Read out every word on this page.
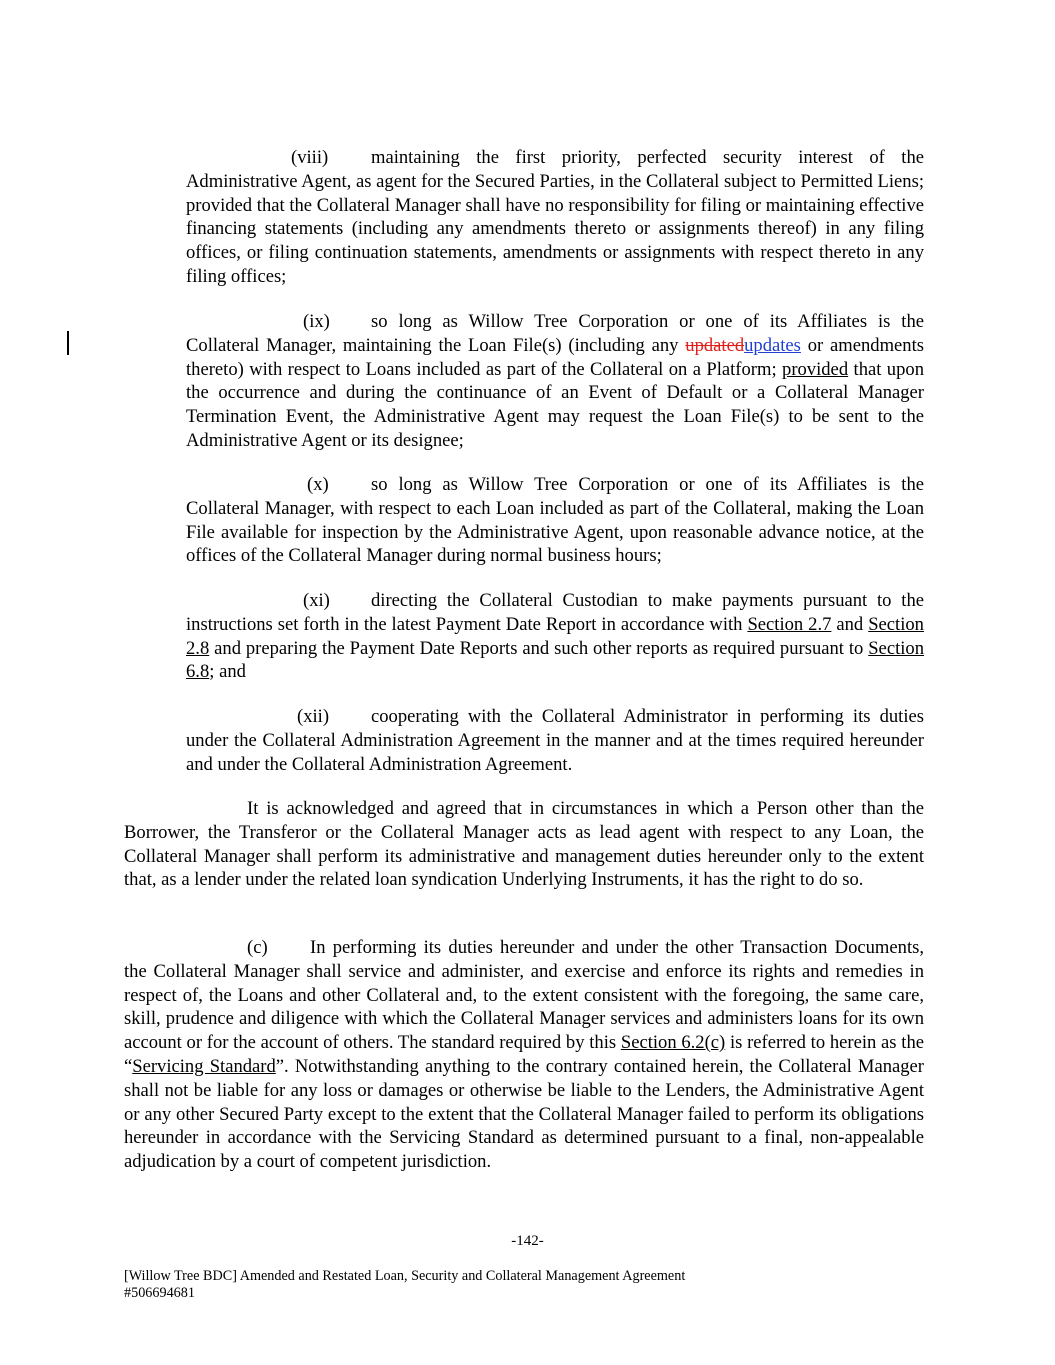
(viii) maintaining the first priority, perfected security interest of the Administrative Agent, as agent for the Secured Parties, in the Collateral subject to Permitted Liens; provided that the Collateral Manager shall have no responsibility for filing or maintaining effective financing statements (including any amendments thereto or assignments thereof) in any filing offices, or filing continuation statements, amendments or assignments with respect thereto in any filing offices;

(ix) so long as Willow Tree Corporation or one of its Affiliates is the Collateral Manager, maintaining the Loan File(s) (including any updatedupdates or amendments thereto) with respect to Loans included as part of the Collateral on a Platform; provided that upon the occurrence and during the continuance of an Event of Default or a Collateral Manager Termination Event, the Administrative Agent may request the Loan File(s) to be sent to the Administrative Agent or its designee;

(x) so long as Willow Tree Corporation or one of its Affiliates is the Collateral Manager, with respect to each Loan included as part of the Collateral, making the Loan File available for inspection by the Administrative Agent, upon reasonable advance notice, at the offices of the Collateral Manager during normal business hours;

(xi) directing the Collateral Custodian to make payments pursuant to the instructions set forth in the latest Payment Date Report in accordance with Section 2.7 and Section 2.8 and preparing the Payment Date Reports and such other reports as required pursuant to Section 6.8; and

(xii) cooperating with the Collateral Administrator in performing its duties under the Collateral Administration Agreement in the manner and at the times required hereunder and under the Collateral Administration Agreement.

It is acknowledged and agreed that in circumstances in which a Person other than the Borrower, the Transferor or the Collateral Manager acts as lead agent with respect to any Loan, the Collateral Manager shall perform its administrative and management duties hereunder only to the extent that, as a lender under the related loan syndication Underlying Instruments, it has the right to do so.

(c) In performing its duties hereunder and under the other Transaction Documents, the Collateral Manager shall service and administer, and exercise and enforce its rights and remedies in respect of, the Loans and other Collateral and, to the extent consistent with the foregoing, the same care, skill, prudence and diligence with which the Collateral Manager services and administers loans for its own account or for the account of others. The standard required by this Section 6.2(c) is referred to herein as the “Servicing Standard”. Notwithstanding anything to the contrary contained herein, the Collateral Manager shall not be liable for any loss or damages or otherwise be liable to the Lenders, the Administrative Agent or any other Secured Party except to the extent that the Collateral Manager failed to perform its obligations hereunder in accordance with the Servicing Standard as determined pursuant to a final, non-appealable adjudication by a court of competent jurisdiction.

-142-
[Willow Tree BDC] Amended and Restated Loan, Security and Collateral Management Agreement
#506694681
